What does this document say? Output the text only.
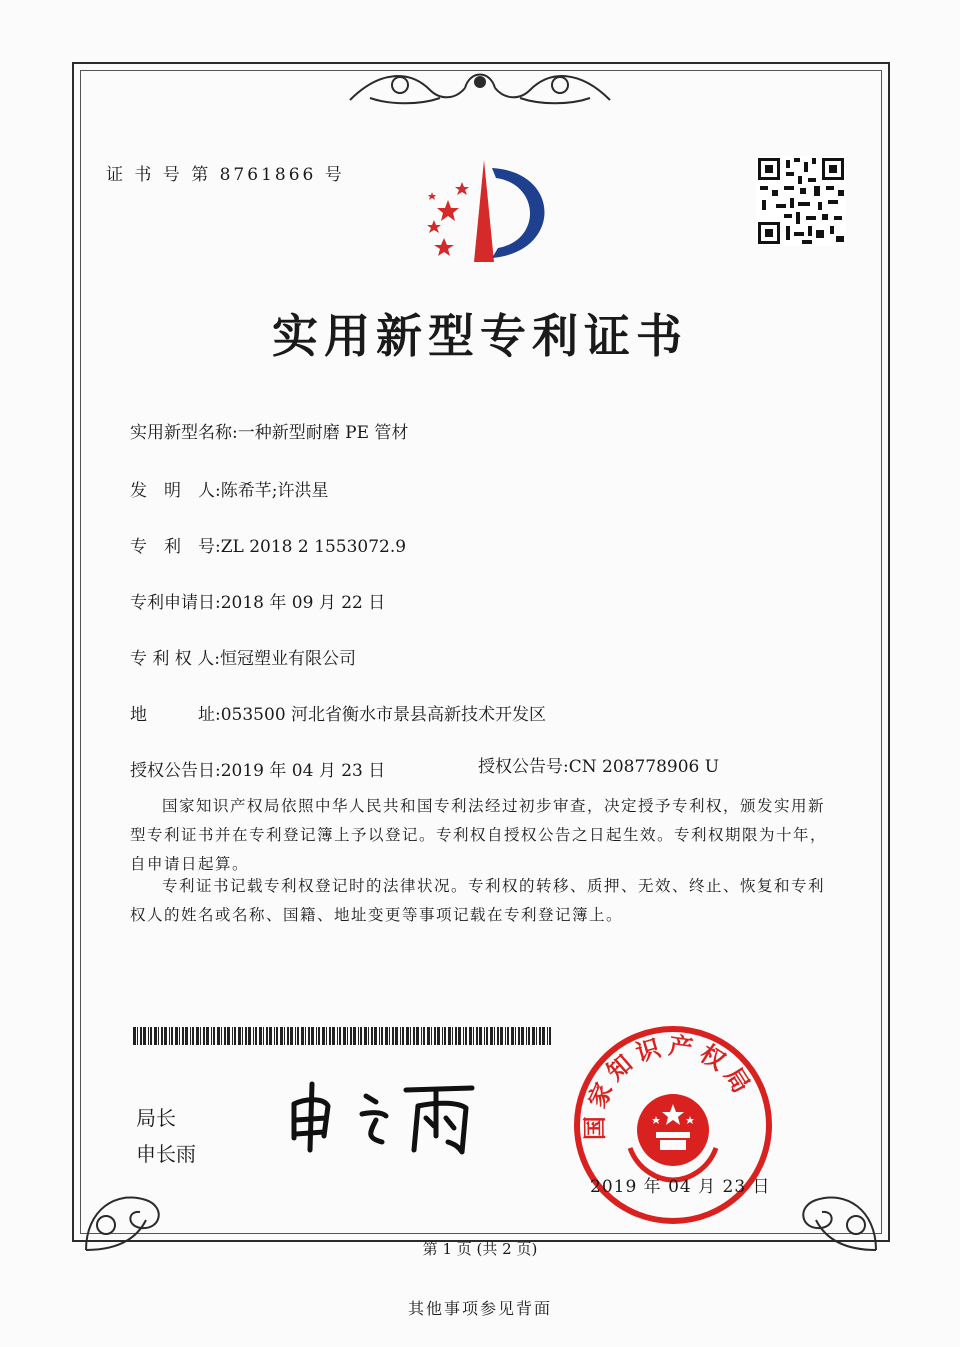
证 书 号 第 8761866 号
实用新型专利证书
实用新型名称:一种新型耐磨 PE 管材
发　明　人:陈希芊;许洪星
专　利　号:ZL 2018 2 1553072.9
专利申请日:2018 年 09 月 22 日
专 利 权 人:恒冠塑业有限公司
地　　　址:053500 河北省衡水市景县高新技术开发区
授权公告日:2019 年 04 月 23 日	授权公告号:CN 208778906 U
国家知识产权局依照中华人民共和国专利法经过初步审查，决定授予专利权，颁发实用新型专利证书并在专利登记簿上予以登记。专利权自授权公告之日起生效。专利权期限为十年，自申请日起算。
专利证书记载专利权登记时的法律状况。专利权的转移、质押、无效、终止、恢复和专利权人的姓名或名称、国籍、地址变更等事项记载在专利登记簿上。
局长
申长雨
国家知识产权局
2019 年 04 月 23 日
第 1 页 (共 2 页)
其他事项参见背面
